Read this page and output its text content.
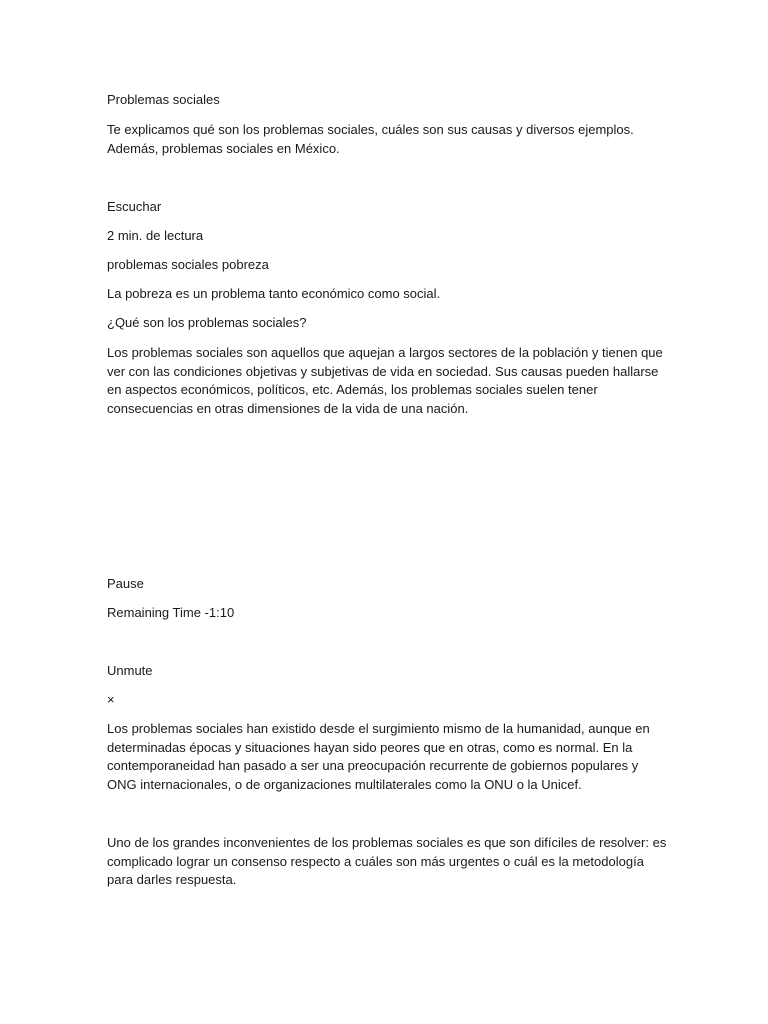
Problemas sociales

Te explicamos qué son los problemas sociales, cuáles son sus causas y diversos ejemplos. Además, problemas sociales en México.

Escuchar

2 min. de lectura

problemas sociales pobreza

La pobreza es un problema tanto económico como social.

¿Qué son los problemas sociales?

Los problemas sociales son aquellos que aquejan a largos sectores de la población y tienen que ver con las condiciones objetivas y subjetivas de vida en sociedad. Sus causas pueden hallarse en aspectos económicos, políticos, etc. Además, los problemas sociales suelen tener consecuencias en otras dimensiones de la vida de una nación.

Pause

Remaining Time -1:10

Unmute

×

Los problemas sociales han existido desde el surgimiento mismo de la humanidad, aunque en determinadas épocas y situaciones hayan sido peores que en otras, como es normal. En la contemporaneidad han pasado a ser una preocupación recurrente de gobiernos populares y ONG internacionales, o de organizaciones multilaterales como la ONU o la Unicef.

Uno de los grandes inconvenientes de los problemas sociales es que son difíciles de resolver: es complicado lograr un consenso respecto a cuáles son más urgentes o cuál es la metodología para darles respuesta.
